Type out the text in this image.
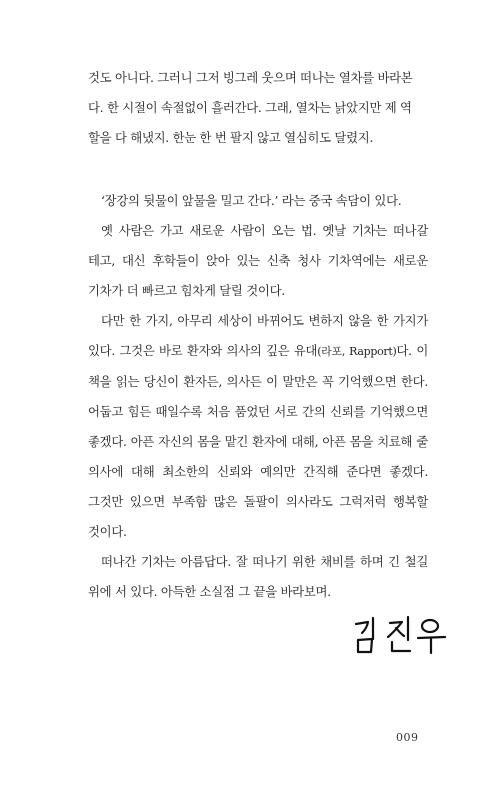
것도 아니다. 그러니 그저 빙그레 웃으며 떠나는 열차를 바라본
다. 한 시절이 속절없이 흘러간다. 그래, 열차는 낡았지만 제 역
할을 다 해냈지. 한눈 한 번 팔지 않고 열심히도 달렸지.

‘장강의 뒷물이 앞물을 밀고 간다.’ 라는 중국 속담이 있다.

옛 사람은 가고 새로운 사람이 오는 법. 옛날 기차는 떠나갈 테고, 대신 후학들이 앉아 있는 신축 청사 기차역에는 새로운 기차가 더 빠르고 힘차게 달릴 것이다.

다만 한 가지, 아무리 세상이 바뀌어도 변하지 않을 한 가지가 있다. 그것은 바로 환자와 의사의 깊은 유대(라포, Rapport)다. 이 책을 읽는 당신이 환자든, 의사든 이 말만은 꼭 기억했으면 한다. 어둡고 힘든 때일수록 처음 품었던 서로 간의 신뢰를 기억했으면 좋겠다. 아픈 자신의 몸을 맡긴 환자에 대해, 아픈 몸을 치료해 줄 의사에 대해 최소한의 신뢰와 예의만 간직해 준다면 좋겠다. 그것만 있으면 부족함 많은 돌팔이 의사라도 그럭저럭 행복할 것이다.

떠나간 기차는 아름답다. 잘 떠나기 위한 채비를 하며 긴 철길 위에 서 있다. 아득한 소실점 그 끝을 바라보며.

009
